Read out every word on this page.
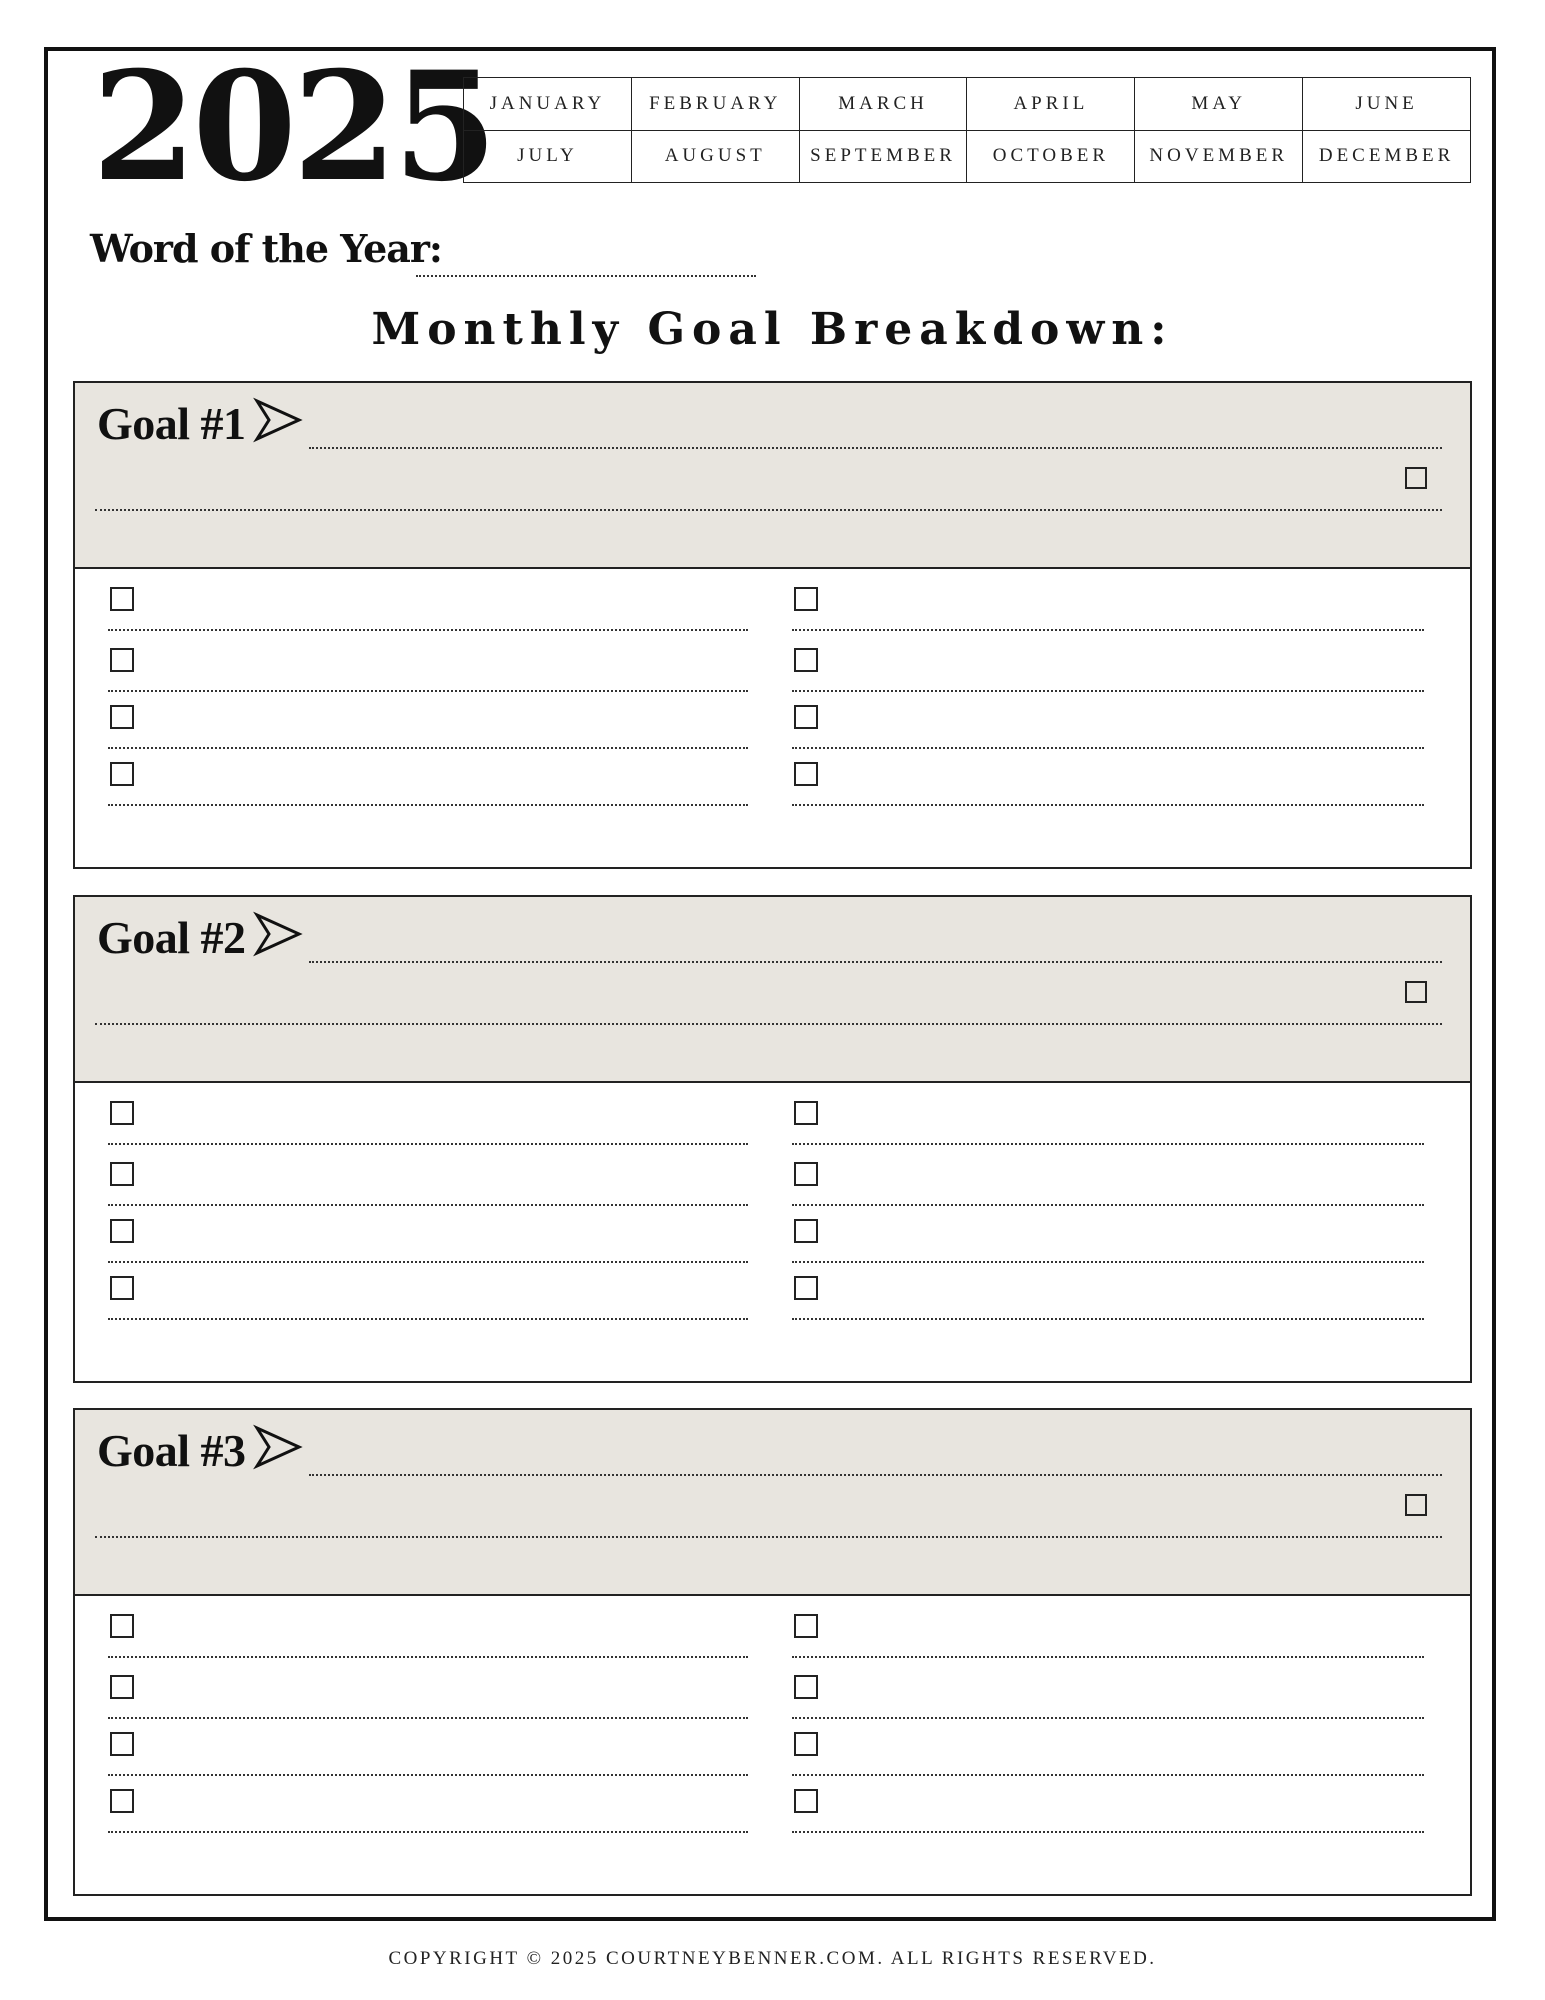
2025
JANUARY	FEBRUARY	MARCH	APRIL	MAY	JUNE
JULY	AUGUST	SEPTEMBER	OCTOBER	NOVEMBER	DECEMBER
Word of the Year:
Monthly Goal Breakdown:
Goal #1
Goal #2
Goal #3
COPYRIGHT © 2025 COURTNEYBENNER.COM. ALL RIGHTS RESERVED.
